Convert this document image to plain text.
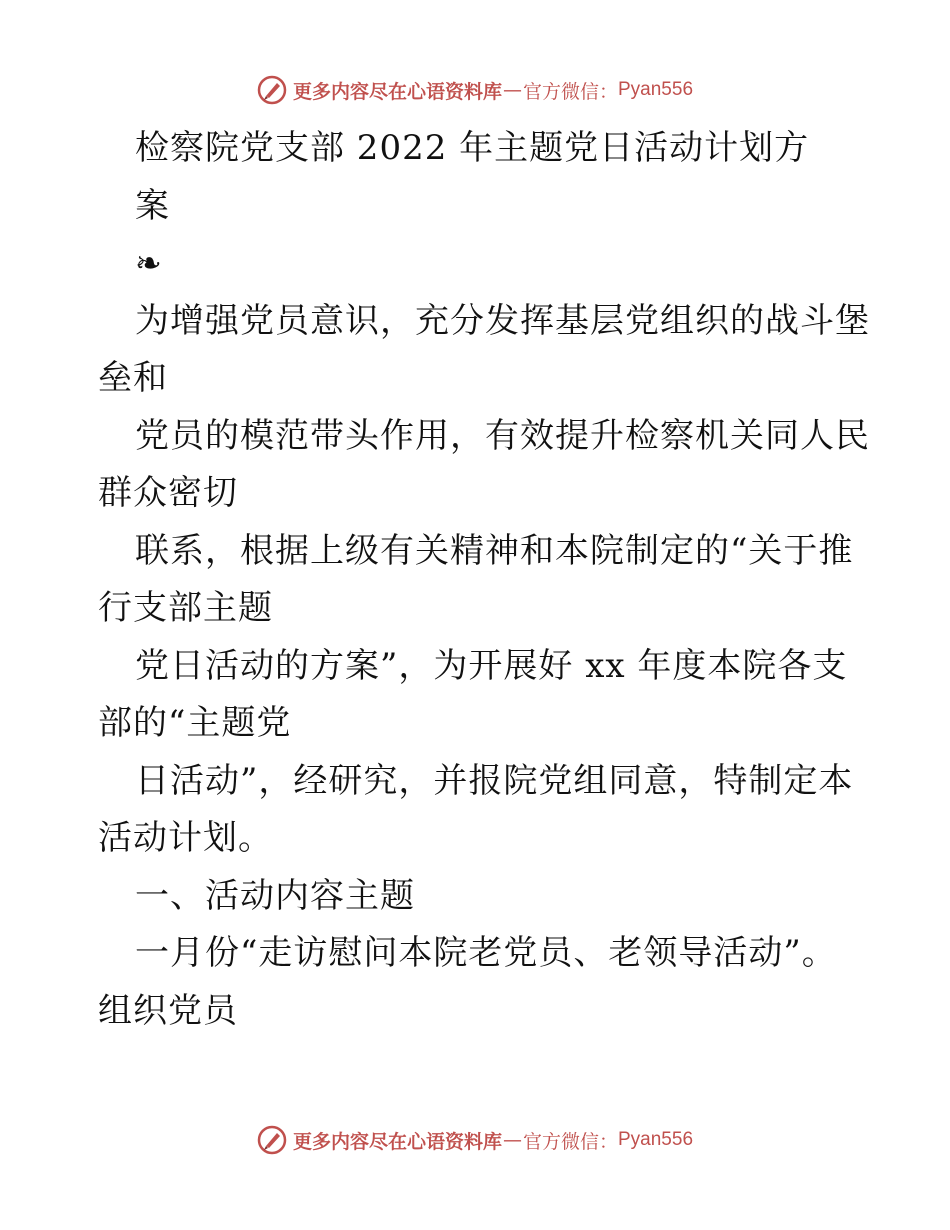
更多内容尽在心语资料库 — 官方微信： Pyan556
检察院党支部 2022 年主题党日活动计划方
案
❧
为增强党员意识，充分发挥基层党组织的战斗堡
垒和
党员的模范带头作用，有效提升检察机关同人民
群众密切
联系，根据上级有关精神和本院制定的“关于推
行支部主题
党日活动的方案”，为开展好 xx 年度本院各支
部的“主题党
日活动”，经研究，并报院党组同意，特制定本
活动计划。
一、活动内容主题
一月份“走访慰问本院老党员、老领导活动”。
组织党员
更多内容尽在心语资料库 — 官方微信： Pyan556
